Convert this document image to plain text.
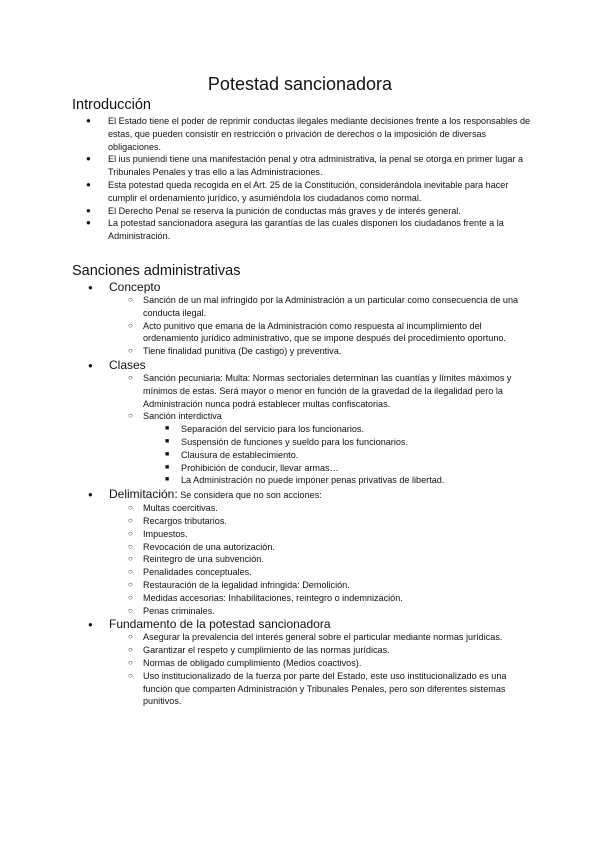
Potestad sancionadora
Introducción
● El Estado tiene el poder de reprimir conductas ilegales mediante decisiones frente a los responsables de estas, que pueden consistir en restricción o privación de derechos o la imposición de diversas obligaciones.
● El ius puniendi tiene una manifestación penal y otra administrativa, la penal se otorga en primer lugar a Tribunales Penales y tras ello a las Administraciones.
● Esta potestad queda recogida en el Art. 25 de la Constitución, considerándola inevitable para hacer cumplir el ordenamiento jurídico, y asumiéndola los ciudadanos como normal.
● El Derecho Penal se reserva la punición de conductas más graves y de interés general.
● La potestad sancionadora asegura las garantías de las cuales disponen los ciudadanos frente a la Administración.
Sanciones administrativas
● Concepto
○ Sanción de un mal infringido por la Administración a un particular como consecuencia de una conducta ilegal.
○ Acto punitivo que emana de la Administración como respuesta al incumplimiento del ordenamiento jurídico administrativo, que se impone después del procedimiento oportuno.
○ Tiene finalidad punitiva (De castigo) y preventiva.
● Clases
○ Sanción pecuniaria: Multa: Normas sectoriales determinan las cuantías y límites máximos y mínimos de estas. Será mayor o menor en función de la gravedad de la ilegalidad pero la Administración nunca podrá establecer multas confiscatorias.
○ Sanción interdictiva
■ Separación del servicio para los funcionarios.
■ Suspensión de funciones y sueldo para los funcionarios.
■ Clausura de establecimiento.
■ Prohibición de conducir, llevar armas…
■ La Administración no puede imponer penas privativas de libertad.
● Delimitación: Se considera que no son acciones:
○ Multas coercitivas.
○ Recargos tributarios.
○ Impuestos.
○ Revocación de una autorización.
○ Reintegro de una subvención.
○ Penalidades conceptuales.
○ Restauración de la legalidad infringida: Demolición.
○ Medidas accesorias: Inhabilitaciones, reintegro o indemnización.
○ Penas criminales.
● Fundamento de la potestad sancionadora
○ Asegurar la prevalencia del interés general sobre el particular mediante normas jurídicas.
○ Garantizar el respeto y cumplimiento de las normas jurídicas.
○ Normas de obligado cumplimiento (Medios coactivos).
○ Uso institucionalizado de la fuerza por parte del Estado, este uso institucionalizado es una función que comparten Administración y Tribunales Penales, pero son diferentes sistemas punitivos.
